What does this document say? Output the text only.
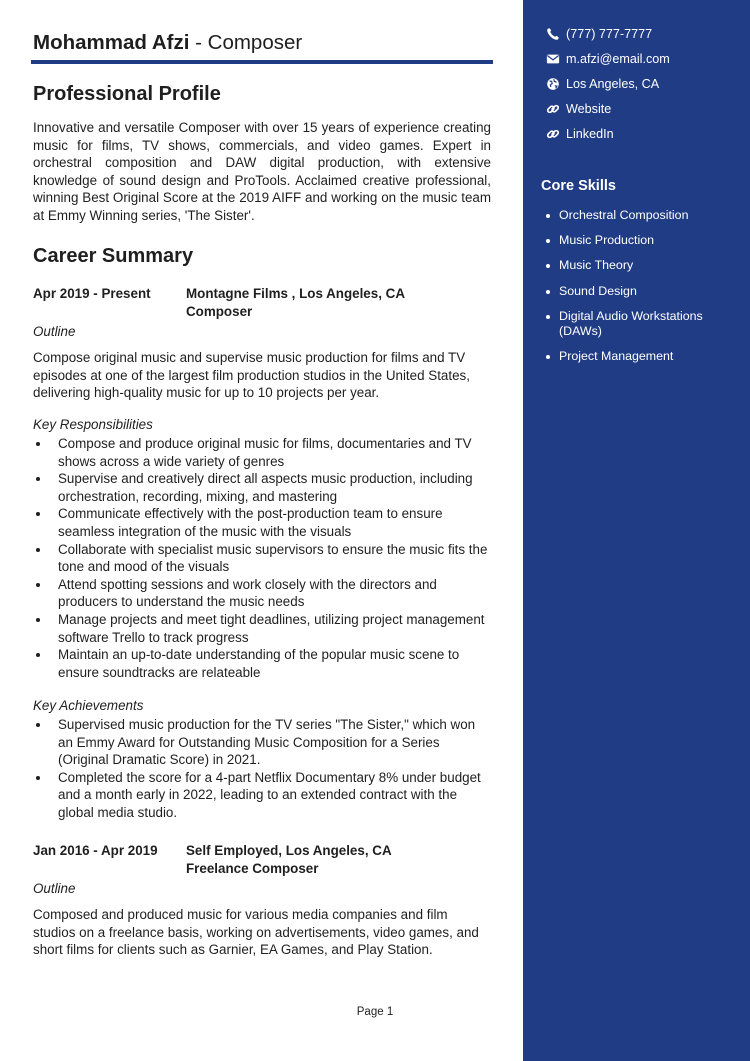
Mohammad Afzi - Composer
Professional Profile

Innovative and versatile Composer with over 15 years of experience creating music for films, TV shows, commercials, and video games. Expert in orchestral composition and DAW digital production, with extensive knowledge of sound design and ProTools. Acclaimed creative professional, winning Best Original Score at the 2019 AIFF and working on the music team at Emmy Winning series, 'The Sister'.

Career Summary
Apr 2019 - Present	Montagne Films , Los Angeles, CA
Composer
Outline

Compose original music and supervise music production for films and TV episodes at one of the largest film production studios in the United States, delivering high-quality music for up to 10 projects per year.

Key Responsibilities
Compose and produce original music for films, documentaries and TV shows across a wide variety of genres
Supervise and creatively direct all aspects music production, including orchestration, recording, mixing, and mastering
Communicate effectively with the post-production team to ensure seamless integration of the music with the visuals
Collaborate with specialist music supervisors to ensure the music fits the tone and mood of the visuals
Attend spotting sessions and work closely with the directors and producers to understand the music needs
Manage projects and meet tight deadlines, utilizing project management software Trello to track progress
Maintain an up-to-date understanding of the popular music scene to ensure soundtracks are relateable
Key Achievements
Supervised music production for the TV series "The Sister," which won an Emmy Award for Outstanding Music Composition for a Series (Original Dramatic Score) in 2021.
Completed the score for a 4-part Netflix Documentary 8% under budget and a month early in 2022, leading to an extended contract with the global media studio.
Jan 2016 - Apr 2019 Self Employed, Los Angeles, CA
Freelance Composer
Outline

Composed and produced music for various media companies and film studios on a freelance basis, working on advertisements, video games, and short films for clients such as Garnier, EA Games, and Play Station.

Page 1
(777) 777-7777
m.afzi@email.com
Los Angeles, CA
Website
LinkedIn
Core Skills
Orchestral Composition
Music Production
Music Theory
Sound Design
Digital Audio Workstations (DAWs)
Project Management
